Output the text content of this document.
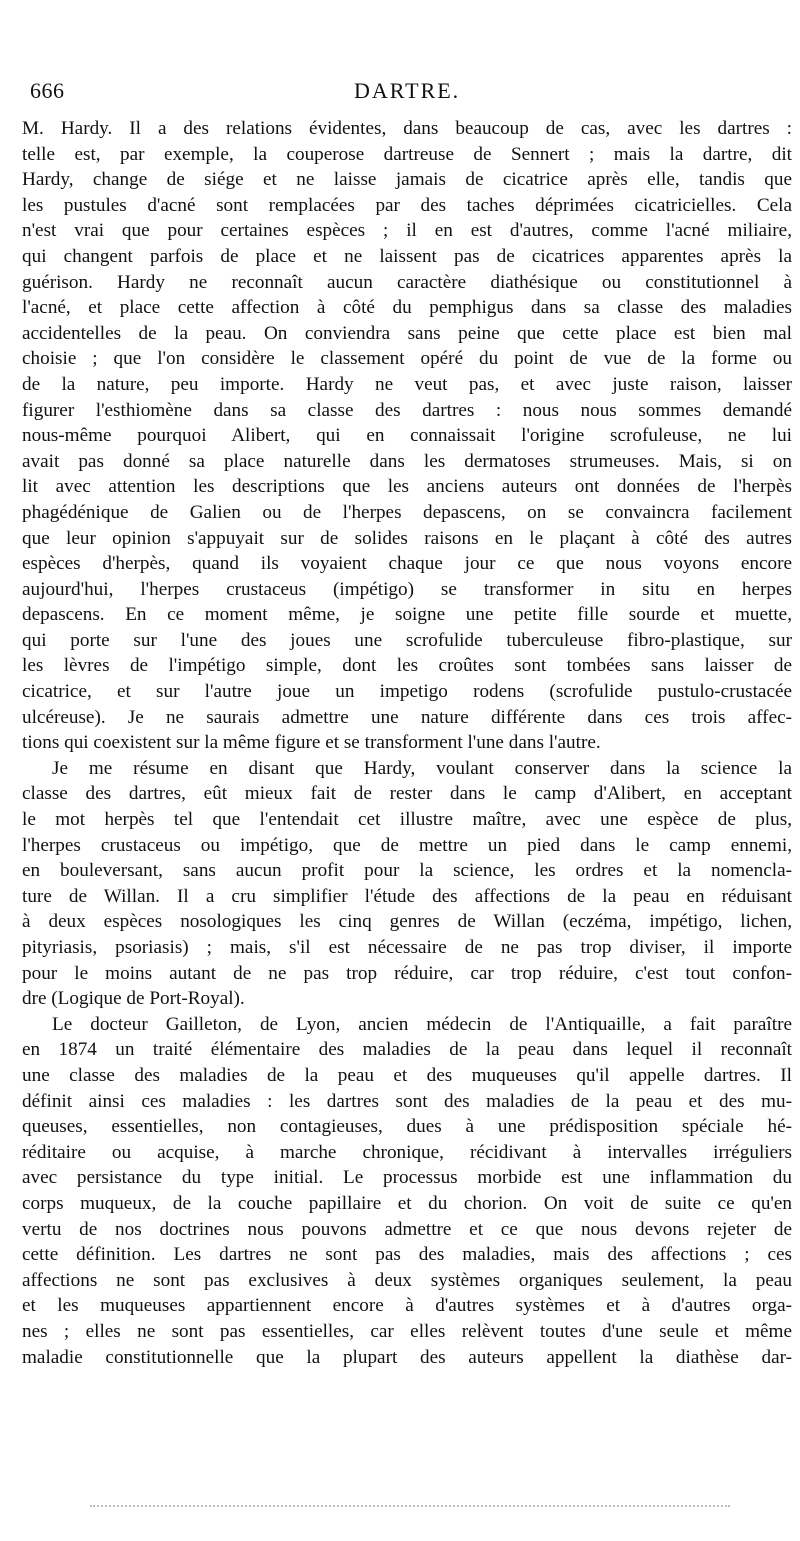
666	DARTRE.
M. Hardy. Il a des relations évidentes, dans beaucoup de cas, avec les dartres :
telle est, par exemple, la couperose dartreuse de Sennert ; mais la dartre, dit
Hardy, change de siége et ne laisse jamais de cicatrice après elle, tandis que
les pustules d'acné sont remplacées par des taches déprimées cicatricielles. Cela
n'est vrai que pour certaines espèces ; il en est d'autres, comme l'acné miliaire,
qui changent parfois de place et ne laissent pas de cicatrices apparentes après la
guérison. Hardy ne reconnaît aucun caractère diathésique ou constitutionnel à
l'acné, et place cette affection à côté du pemphigus dans sa classe des maladies
accidentelles de la peau. On conviendra sans peine que cette place est bien mal
choisie ; que l'on considère le classement opéré du point de vue de la forme ou
de la nature, peu importe. Hardy ne veut pas, et avec juste raison, laisser
figurer l'esthiomène dans sa classe des dartres : nous nous sommes demandé
nous-même pourquoi Alibert, qui en connaissait l'origine scrofuleuse, ne lui
avait pas donné sa place naturelle dans les dermatoses strumeuses. Mais, si on
lit avec attention les descriptions que les anciens auteurs ont données de l'herpès
phagédénique de Galien ou de l'herpes depascens, on se convaincra facilement
que leur opinion s'appuyait sur de solides raisons en le plaçant à côté des autres
espèces d'herpès, quand ils voyaient chaque jour ce que nous voyons encore
aujourd'hui, l'herpes crustaceus (impétigo) se transformer in situ en herpes
depascens. En ce moment même, je soigne une petite fille sourde et muette,
qui porte sur l'une des joues une scrofulide tuberculeuse fibro-plastique, sur
les lèvres de l'impétigo simple, dont les croûtes sont tombées sans laisser de
cicatrice, et sur l'autre joue un impetigo rodens (scrofulide pustulo-crustacée
ulcéreuse). Je ne saurais admettre une nature différente dans ces trois affec-
tions qui coexistent sur la même figure et se transforment l'une dans l'autre.
Je me résume en disant que Hardy, voulant conserver dans la science la
classe des dartres, eût mieux fait de rester dans le camp d'Alibert, en acceptant
le mot herpès tel que l'entendait cet illustre maître, avec une espèce de plus,
l'herpes crustaceus ou impétigo, que de mettre un pied dans le camp ennemi,
en bouleversant, sans aucun profit pour la science, les ordres et la nomencla-
ture de Willan. Il a cru simplifier l'étude des affections de la peau en réduisant
à deux espèces nosologiques les cinq genres de Willan (eczéma, impétigo, lichen,
pityriasis, psoriasis) ; mais, s'il est nécessaire de ne pas trop diviser, il importe
pour le moins autant de ne pas trop réduire, car trop réduire, c'est tout confon-
dre (Logique de Port-Royal).
Le docteur Gailleton, de Lyon, ancien médecin de l'Antiquaille, a fait paraître
en 1874 un traité élémentaire des maladies de la peau dans lequel il reconnaît
une classe des maladies de la peau et des muqueuses qu'il appelle dartres. Il
définit ainsi ces maladies : les dartres sont des maladies de la peau et des mu-
queuses, essentielles, non contagieuses, dues à une prédisposition spéciale hé-
réditaire ou acquise, à marche chronique, récidivant à intervalles irréguliers
avec persistance du type initial. Le processus morbide est une inflammation du
corps muqueux, de la couche papillaire et du chorion. On voit de suite ce qu'en
vertu de nos doctrines nous pouvons admettre et ce que nous devons rejeter de
cette définition. Les dartres ne sont pas des maladies, mais des affections ; ces
affections ne sont pas exclusives à deux systèmes organiques seulement, la peau
et les muqueuses appartiennent encore à d'autres systèmes et à d'autres orga-
nes ; elles ne sont pas essentielles, car elles relèvent toutes d'une seule et même
maladie constitutionnelle que la plupart des auteurs appellent la diathèse dar-
